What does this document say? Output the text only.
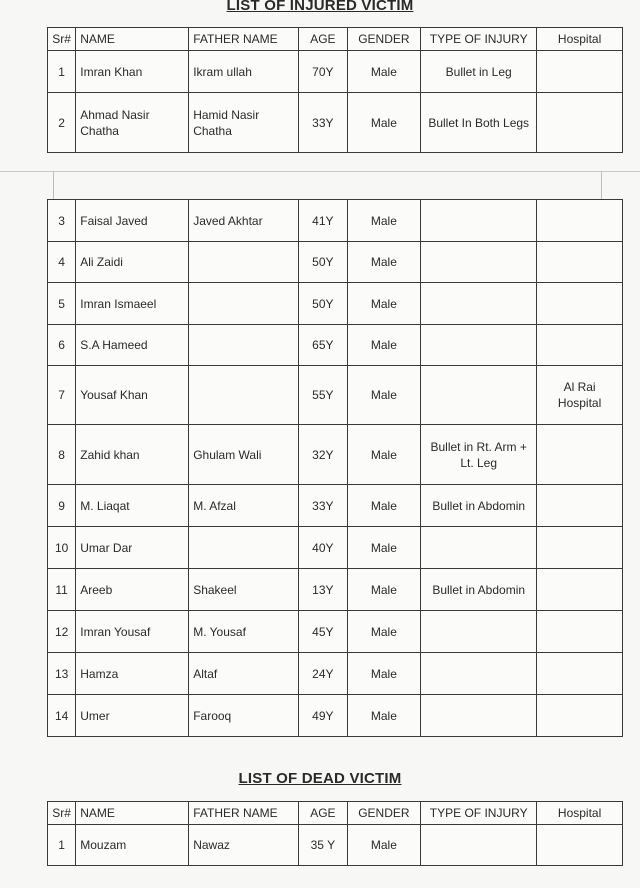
LIST OF INJURED VICTIM
Sr#	NAME	FATHER NAME	AGE	GENDER	TYPE OF INJURY	Hospital
1	Imran Khan	Ikram ullah	70Y	Male	Bullet in Leg	
2	Ahmad Nasir Chatha	Hamid Nasir Chatha	33Y	Male	Bullet In Both Legs	
3	Faisal Javed	Javed Akhtar	41Y	Male		
4	Ali Zaidi		50Y	Male		
5	Imran Ismaeel		50Y	Male		
6	S.A Hameed		65Y	Male		
7	Yousaf Khan		55Y	Male		Al Rai Hospital
8	Zahid khan	Ghulam Wali	32Y	Male	Bullet in Rt. Arm + Lt. Leg	
9	M. Liaqat	M. Afzal	33Y	Male	Bullet in Abdomin	
10	Umar Dar		40Y	Male		
11	Areeb	Shakeel	13Y	Male	Bullet in Abdomin	
12	Imran Yousaf	M. Yousaf	45Y	Male		
13	Hamza	Altaf	24Y	Male		
14	Umer	Farooq	49Y	Male		
LIST OF DEAD VICTIM
Sr#	NAME	FATHER NAME	AGE	GENDER	TYPE OF INJURY	Hospital
1	Mouzam	Nawaz	35 Y	Male		
